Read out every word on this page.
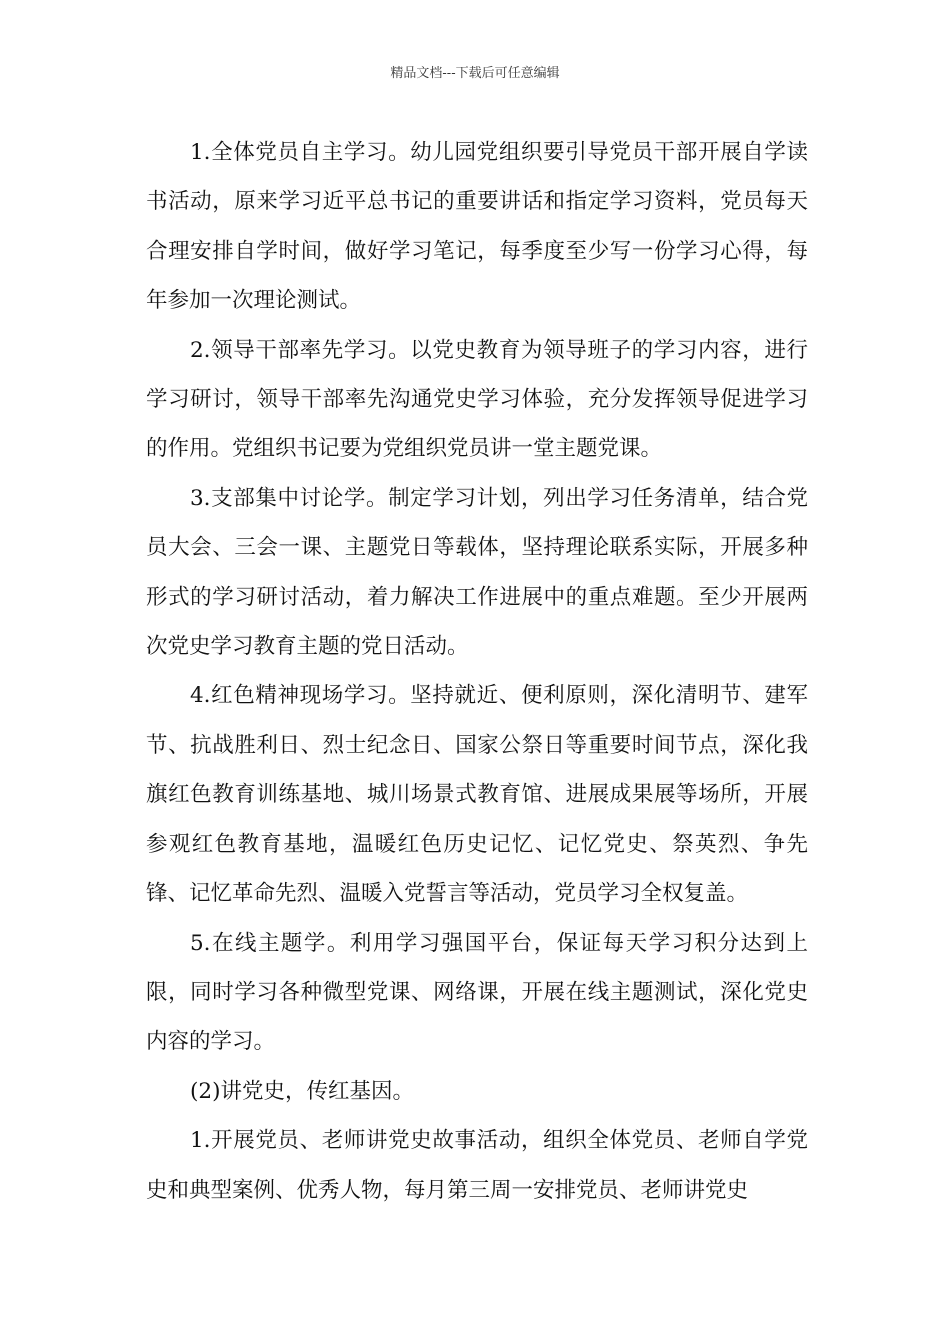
精品文档---下载后可任意编辑

1.全体党员自主学习。幼儿园党组织要引导党员干部开展自学读书活动，原来学习近平总书记的重要讲话和指定学习资料，党员每天合理安排自学时间，做好学习笔记，每季度至少写一份学习心得，每年参加一次理论测试。

2.领导干部率先学习。以党史教育为领导班子的学习内容，进行学习研讨，领导干部率先沟通党史学习体验，充分发挥领导促进学习的作用。党组织书记要为党组织党员讲一堂主题党课。

3.支部集中讨论学。制定学习计划，列出学习任务清单，结合党员大会、三会一课、主题党日等载体，坚持理论联系实际，开展多种形式的学习研讨活动，着力解决工作进展中的重点难题。至少开展两次党史学习教育主题的党日活动。

4.红色精神现场学习。坚持就近、便利原则，深化清明节、建军节、抗战胜利日、烈士纪念日、国家公祭日等重要时间节点，深化我旗红色教育训练基地、城川场景式教育馆、进展成果展等场所，开展参观红色教育基地，温暖红色历史记忆、记忆党史、祭英烈、争先锋、记忆革命先烈、温暖入党誓言等活动，党员学习全权复盖。

5.在线主题学。利用学习强国平台，保证每天学习积分达到上限，同时学习各种微型党课、网络课，开展在线主题测试，深化党史内容的学习。

(2)讲党史，传红基因。

1.开展党员、老师讲党史故事活动，组织全体党员、老师自学党史和典型案例、优秀人物，每月第三周一安排党员、老师讲党史
